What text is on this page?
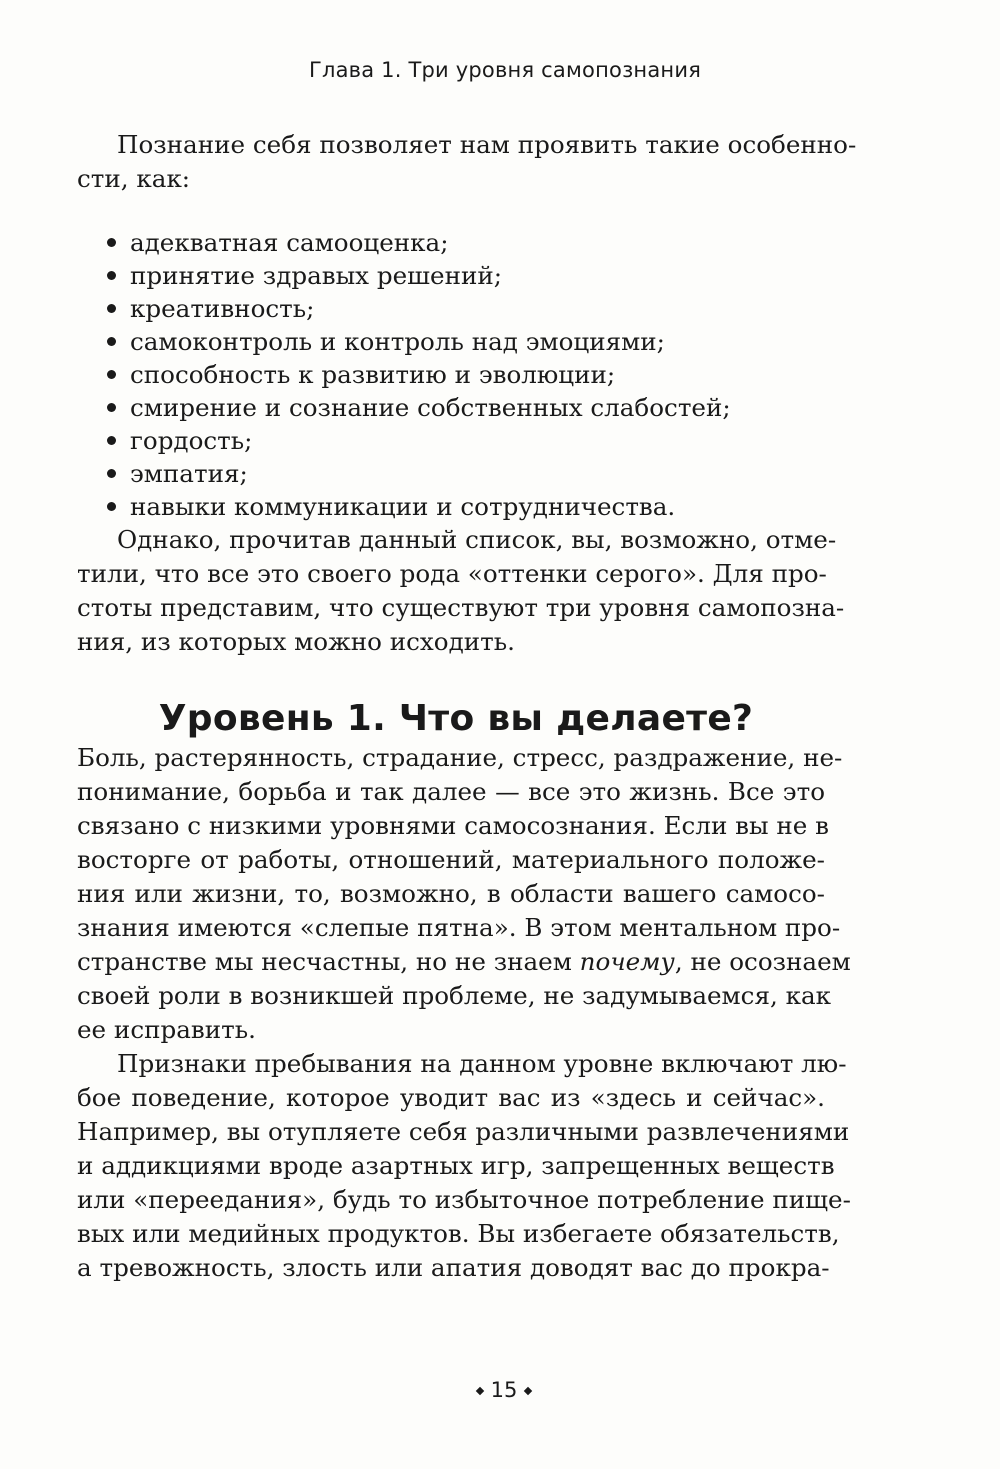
Глава 1. Три уровня самопознания

Познание себя позволяет нам проявить такие особенно-
сти, как:

адекватная самооценка;
принятие здравых решений;
креативность;
самоконтроль и контроль над эмоциями;
способность к развитию и эволюции;
смирение и сознание собственных слабостей;
гордость;
эмпатия;
навыки коммуникации и сотрудничества.

Однако, прочитав данный список, вы, возможно, отме-
тили, что все это своего рода «оттенки серого». Для про-
стоты представим, что существуют три уровня самопозна-
ния, из которых можно исходить.

Уровень 1. Что вы делаете?

Боль, растерянность, страдание, стресс, раздражение, не-
понимание, борьба и так далее — все это жизнь. Все это
связано с низкими уровнями самосознания. Если вы не в
восторге от работы, отношений, материального положе-
ния или жизни, то, возможно, в области вашего самосо-
знания имеются «слепые пятна». В этом ментальном про-
странстве мы несчастны, но не знаем почему, не осознаем
своей роли в возникшей проблеме, не задумываемся, как
ее исправить.

Признаки пребывания на данном уровне включают лю-
бое поведение, которое уводит вас из «здесь и сейчас».
Например, вы отупляете себя различными развлечениями
и аддикциями вроде азартных игр, запрещенных веществ
или «переедания», будь то избыточное потребление пище-
вых или медийных продуктов. Вы избегаете обязательств,
а тревожность, злость или апатия доводят вас до прокра-

15
